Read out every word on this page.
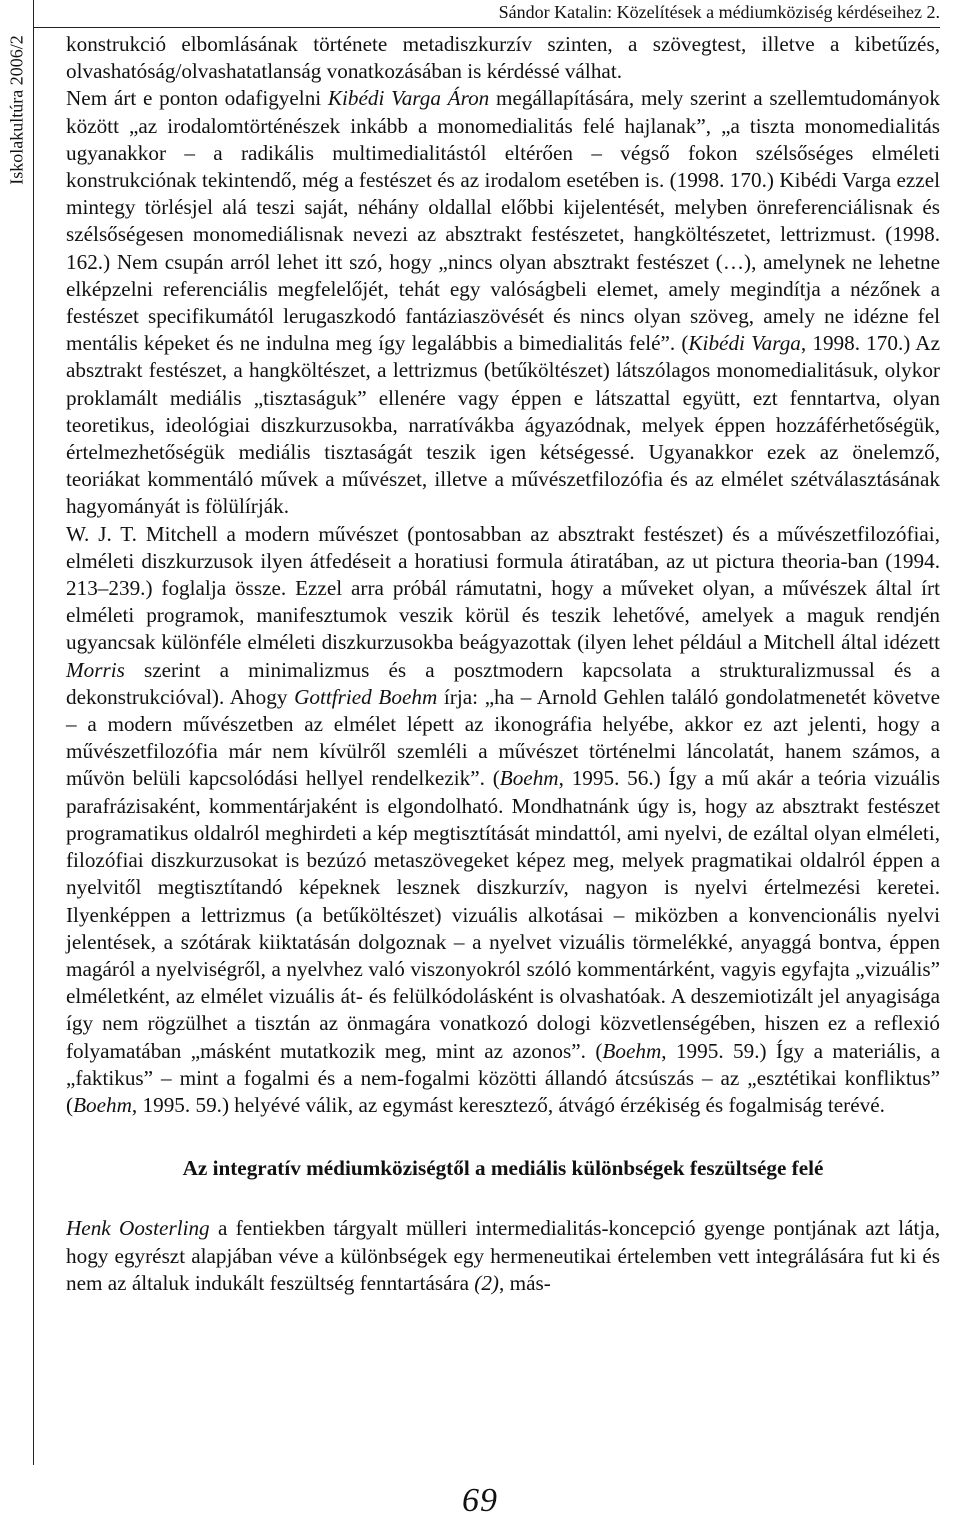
Iskolakultúra 2006/2
Sándor Katalin: Közelítések a médiumköziség kérdéseihez 2.

konstrukció elbomlásának története metadiszkurzív szinten, a szövegtest, illetve a kibetűzés, olvashatóság/olvashatatlanság vonatkozásában is kérdéssé válhat.

Nem árt e ponton odafigyelni Kibédi Varga Áron megállapítására, mely szerint a szellemtudományok között „az irodalomtörténészek inkább a monomedialitás felé hajlanak”, „a tiszta monomedialitás ugyanakkor – a radikális multimedialitástól eltérően – végső fokon szélsőséges elméleti konstrukciónak tekintendő, még a festészet és az irodalom esetében is. (1998. 170.) Kibédi Varga ezzel mintegy törlésjel alá teszi saját, néhány oldallal előbbi kijelentését, melyben önreferenciálisnak és szélsőségesen monomediálisnak nevezi az absztrakt festészetet, hangköltészetet, lettrizmust. (1998. 162.) Nem csupán arról lehet itt szó, hogy „nincs olyan absztrakt festészet (…), amelynek ne lehetne elképzelni referenciális megfelelőjét, tehát egy valóságbeli elemet, amely megindítja a nézőnek a festészet specifikumától lerugaszkodó fantáziaszövését és nincs olyan szöveg, amely ne idézne fel mentális képeket és ne indulna meg így legalábbis a bimedialitás felé”. (Kibédi Varga, 1998. 170.) Az absztrakt festészet, a hangköltészet, a lettrizmus (betűköltészet) látszólagos monomedialitásuk, olykor proklamált mediális „tisztaságuk” ellenére vagy éppen e látszattal együtt, ezt fenntartva, olyan teoretikus, ideológiai diszkurzusokba, narratívákba ágyazódnak, melyek éppen hozzáférhetőségük, értelmezhetőségük mediális tisztaságát teszik igen kétségessé. Ugyanakkor ezek az önelemző, teoriákat kommentáló művek a művészet, illetve a művészetfilozófia és az elmélet szétválasztásának hagyományát is fölülírják.

W. J. T. Mitchell a modern művészet (pontosabban az absztrakt festészet) és a művészetfilozófiai, elméleti diszkurzusok ilyen átfedéseit a horatiusi formula átiratában, az ut pictura theoria-ban (1994. 213–239.) foglalja össze. Ezzel arra próbál rámutatni, hogy a műveket olyan, a művészek által írt elméleti programok, manifesztumok veszik körül és teszik lehetővé, amelyek a maguk rendjén ugyancsak különféle elméleti diszkurzusokba beágyazottak (ilyen lehet például a Mitchell által idézett Morris szerint a minimalizmus és a posztmodern kapcsolata a strukturalizmussal és a dekonstrukcióval). Ahogy Gottfried Boehm írja: „ha – Arnold Gehlen találó gondolatmenetét követve – a modern művészetben az elmélet lépett az ikonográfia helyébe, akkor ez azt jelenti, hogy a művészetfilozófia már nem kívülről szemléli a művészet történelmi láncolatát, hanem számos, a művön belüli kapcsolódási hellyel rendelkezik”. (Boehm, 1995. 56.) Így a mű akár a teória vizuális parafrázisaként, kommentárjaként is elgondolható. Mondhatnánk úgy is, hogy az absztrakt festészet programatikus oldalról meghirdeti a kép megtisztítását mindattól, ami nyelvi, de ezáltal olyan elméleti, filozófiai diszkurzusokat is bezúzó metaszövegeket képez meg, melyek pragmatikai oldalról éppen a nyelvitől megtisztítandó képeknek lesznek diszkurzív, nagyon is nyelvi értelmezési keretei. Ilyenképpen a lettrizmus (a betűköltészet) vizuális alkotásai – miközben a konvencionális nyelvi jelentések, a szótárak kiiktatásán dolgoznak – a nyelvet vizuális törmelékké, anyaggá bontva, éppen magáról a nyelviségről, a nyelvhez való viszonyokról szóló kommentárként, vagyis egyfajta „vizuális” elméletként, az elmélet vizuális át- és felülkódolásként is olvashatóak. A deszemiotizált jel anyagisága így nem rögzülhet a tisztán az önmagára vonatkozó dologi közvetlenségében, hiszen ez a reflexió folyamatában „másként mutatkozik meg, mint az azonos”. (Boehm, 1995. 59.) Így a materiális, a „faktikus” – mint a fogalmi és a nem-fogalmi közötti állandó átcsúszás – az „esztétikai konfliktus” (Boehm, 1995. 59.) helyévé válik, az egymást keresztező, átvágó érzékiség és fogalmiság terévé.

Az integratív médiumköziségtől a mediális különbségek feszültsége felé

Henk Oosterling a fentiekben tárgyalt mülleri intermedialitás-koncepció gyenge pontjának azt látja, hogy egyrészt alapjában véve a különbségek egy hermeneutikai értelemben vett integrálására fut ki és nem az általuk indukált feszültség fenntartására (2), más-

69
